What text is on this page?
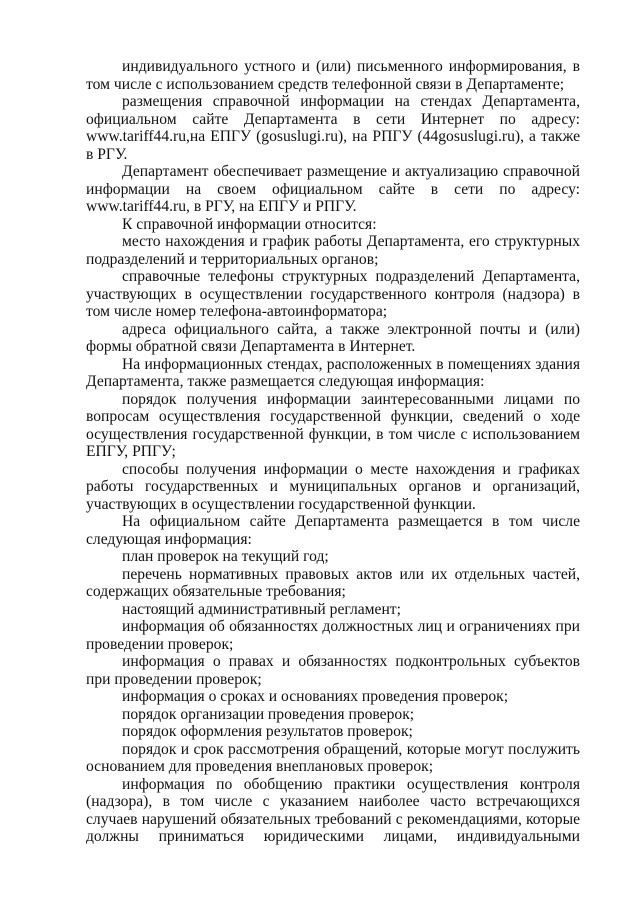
индивидуального устного и (или) письменного информирования, в том числе с использованием средств телефонной связи в Департаменте;

размещения справочной информации на стендах Департамента, официальном сайте Департамента в сети Интернет по адресу: www.tariff44.ru,на ЕПГУ (gosuslugi.ru), на РПГУ (44gosuslugi.ru), а также в РГУ.

Департамент обеспечивает размещение и актуализацию справочной информации на своем официальном сайте в сети по адресу: www.tariff44.ru, в РГУ, на ЕПГУ и РПГУ.

К справочной информации относится:

место нахождения и график работы Департамента, его структурных подразделений и территориальных органов;

справочные телефоны структурных подразделений Департамента, участвующих в осуществлении государственного контроля (надзора) в том числе номер телефона-автоинформатора;

адреса официального сайта, а также электронной почты и (или) формы обратной связи Департамента в Интернет.

На информационных стендах, расположенных в помещениях здания Департамента, также размещается следующая информация:

порядок получения информации заинтересованными лицами по вопросам осуществления государственной функции, сведений о ходе осуществления государственной функции, в том числе с использованием ЕПГУ, РПГУ;

способы получения информации о месте нахождения и графиках работы государственных и муниципальных органов и организаций, участвующих в осуществлении государственной функции.

На официальном сайте Департамента размещается в том числе следующая информация:

план проверок на текущий год;

перечень нормативных правовых актов или их отдельных частей, содержащих обязательные требования;

настоящий административный регламент;

информация об обязанностях должностных лиц и ограничениях при проведении проверок;

информация о правах и обязанностях подконтрольных субъектов при проведении проверок;

информация о сроках и основаниях проведения проверок;

порядок организации проведения проверок;

порядок оформления результатов проверок;

порядок и срок рассмотрения обращений, которые могут послужить основанием для проведения внеплановых проверок;

информация по обобщению практики осуществления контроля (надзора), в том числе с указанием наиболее часто встречающихся случаев нарушений обязательных требований с рекомендациями, которые должны приниматься юридическими лицами, индивидуальными
